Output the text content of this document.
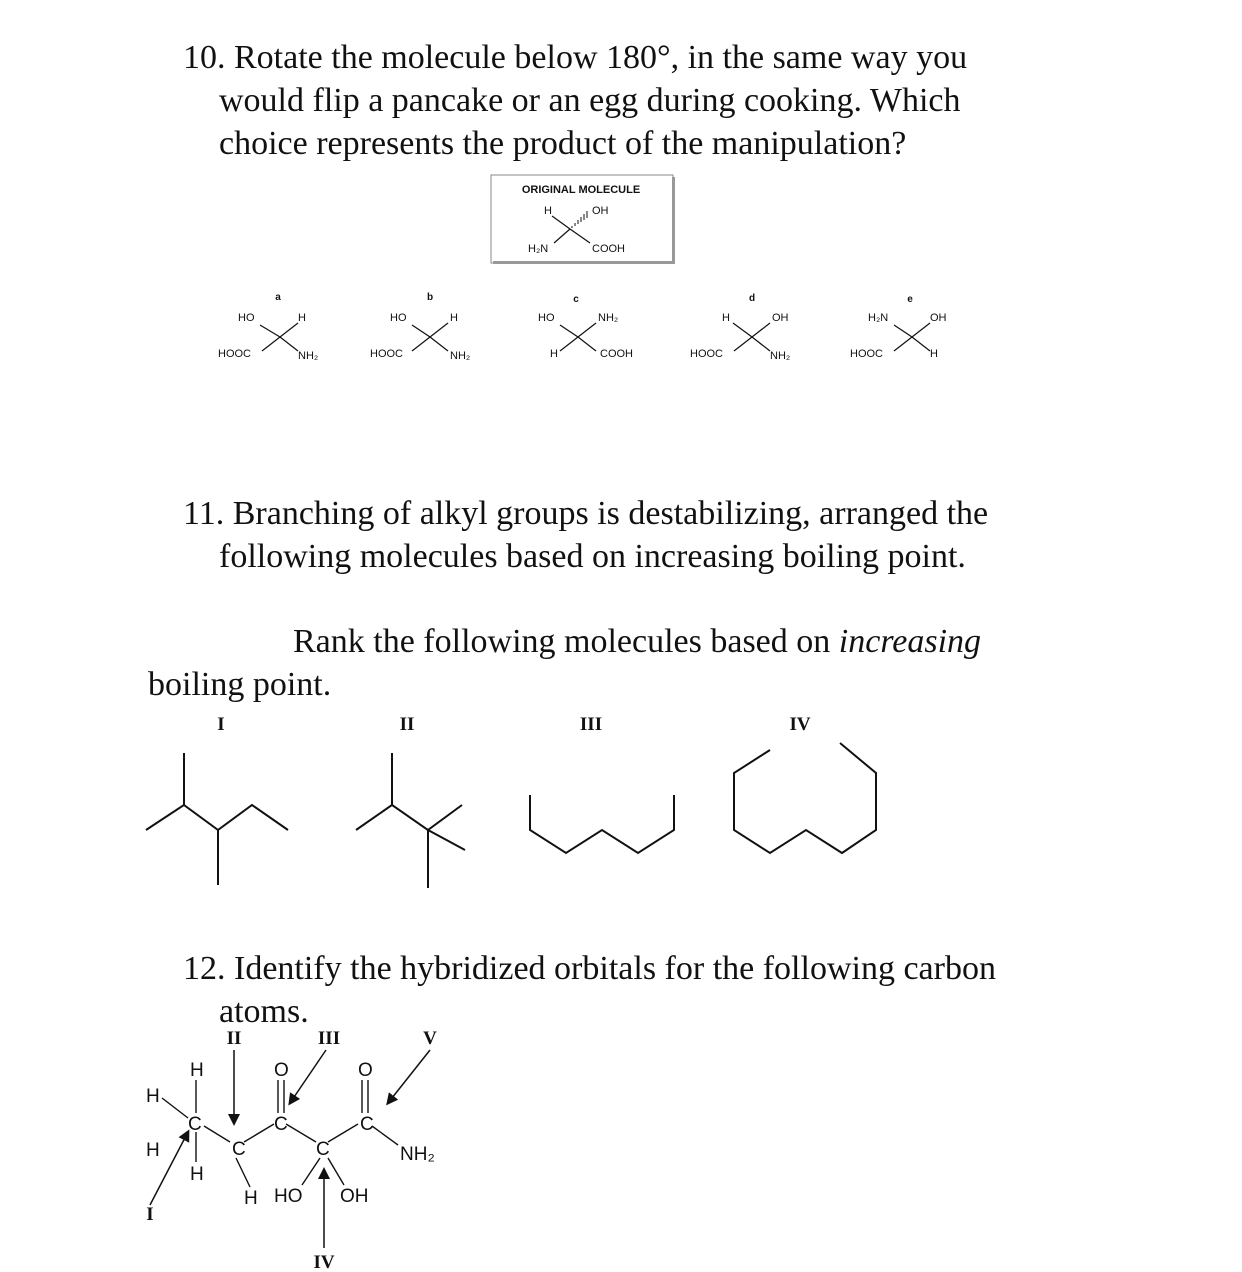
10. Rotate the molecule below 180°, in the same way you
would flip a pancake or an egg during cooking. Which
choice represents the product of the manipulation?
ORIGINAL MOLECULE
H	OH
H₂N	COOH
a
HO	H
HOOC	NH₂
b
HO	H
HOOC	NH₂
c
HO	NH₂
H	COOH
d
H	OH
HOOC	NH₂
e
H₂N	OH
HOOC	H
11. Branching of alkyl groups is destabilizing, arranged the
following molecules based on increasing boiling point.
Rank the following molecules based on increasing
boiling point.
I	II	III	IV
12. Identify the hybridized orbitals for the following carbon
atoms.
II	III	V
I
IV
H
H
H
H
C
C
C
C
C
O	O
NH₂
H HO OH
